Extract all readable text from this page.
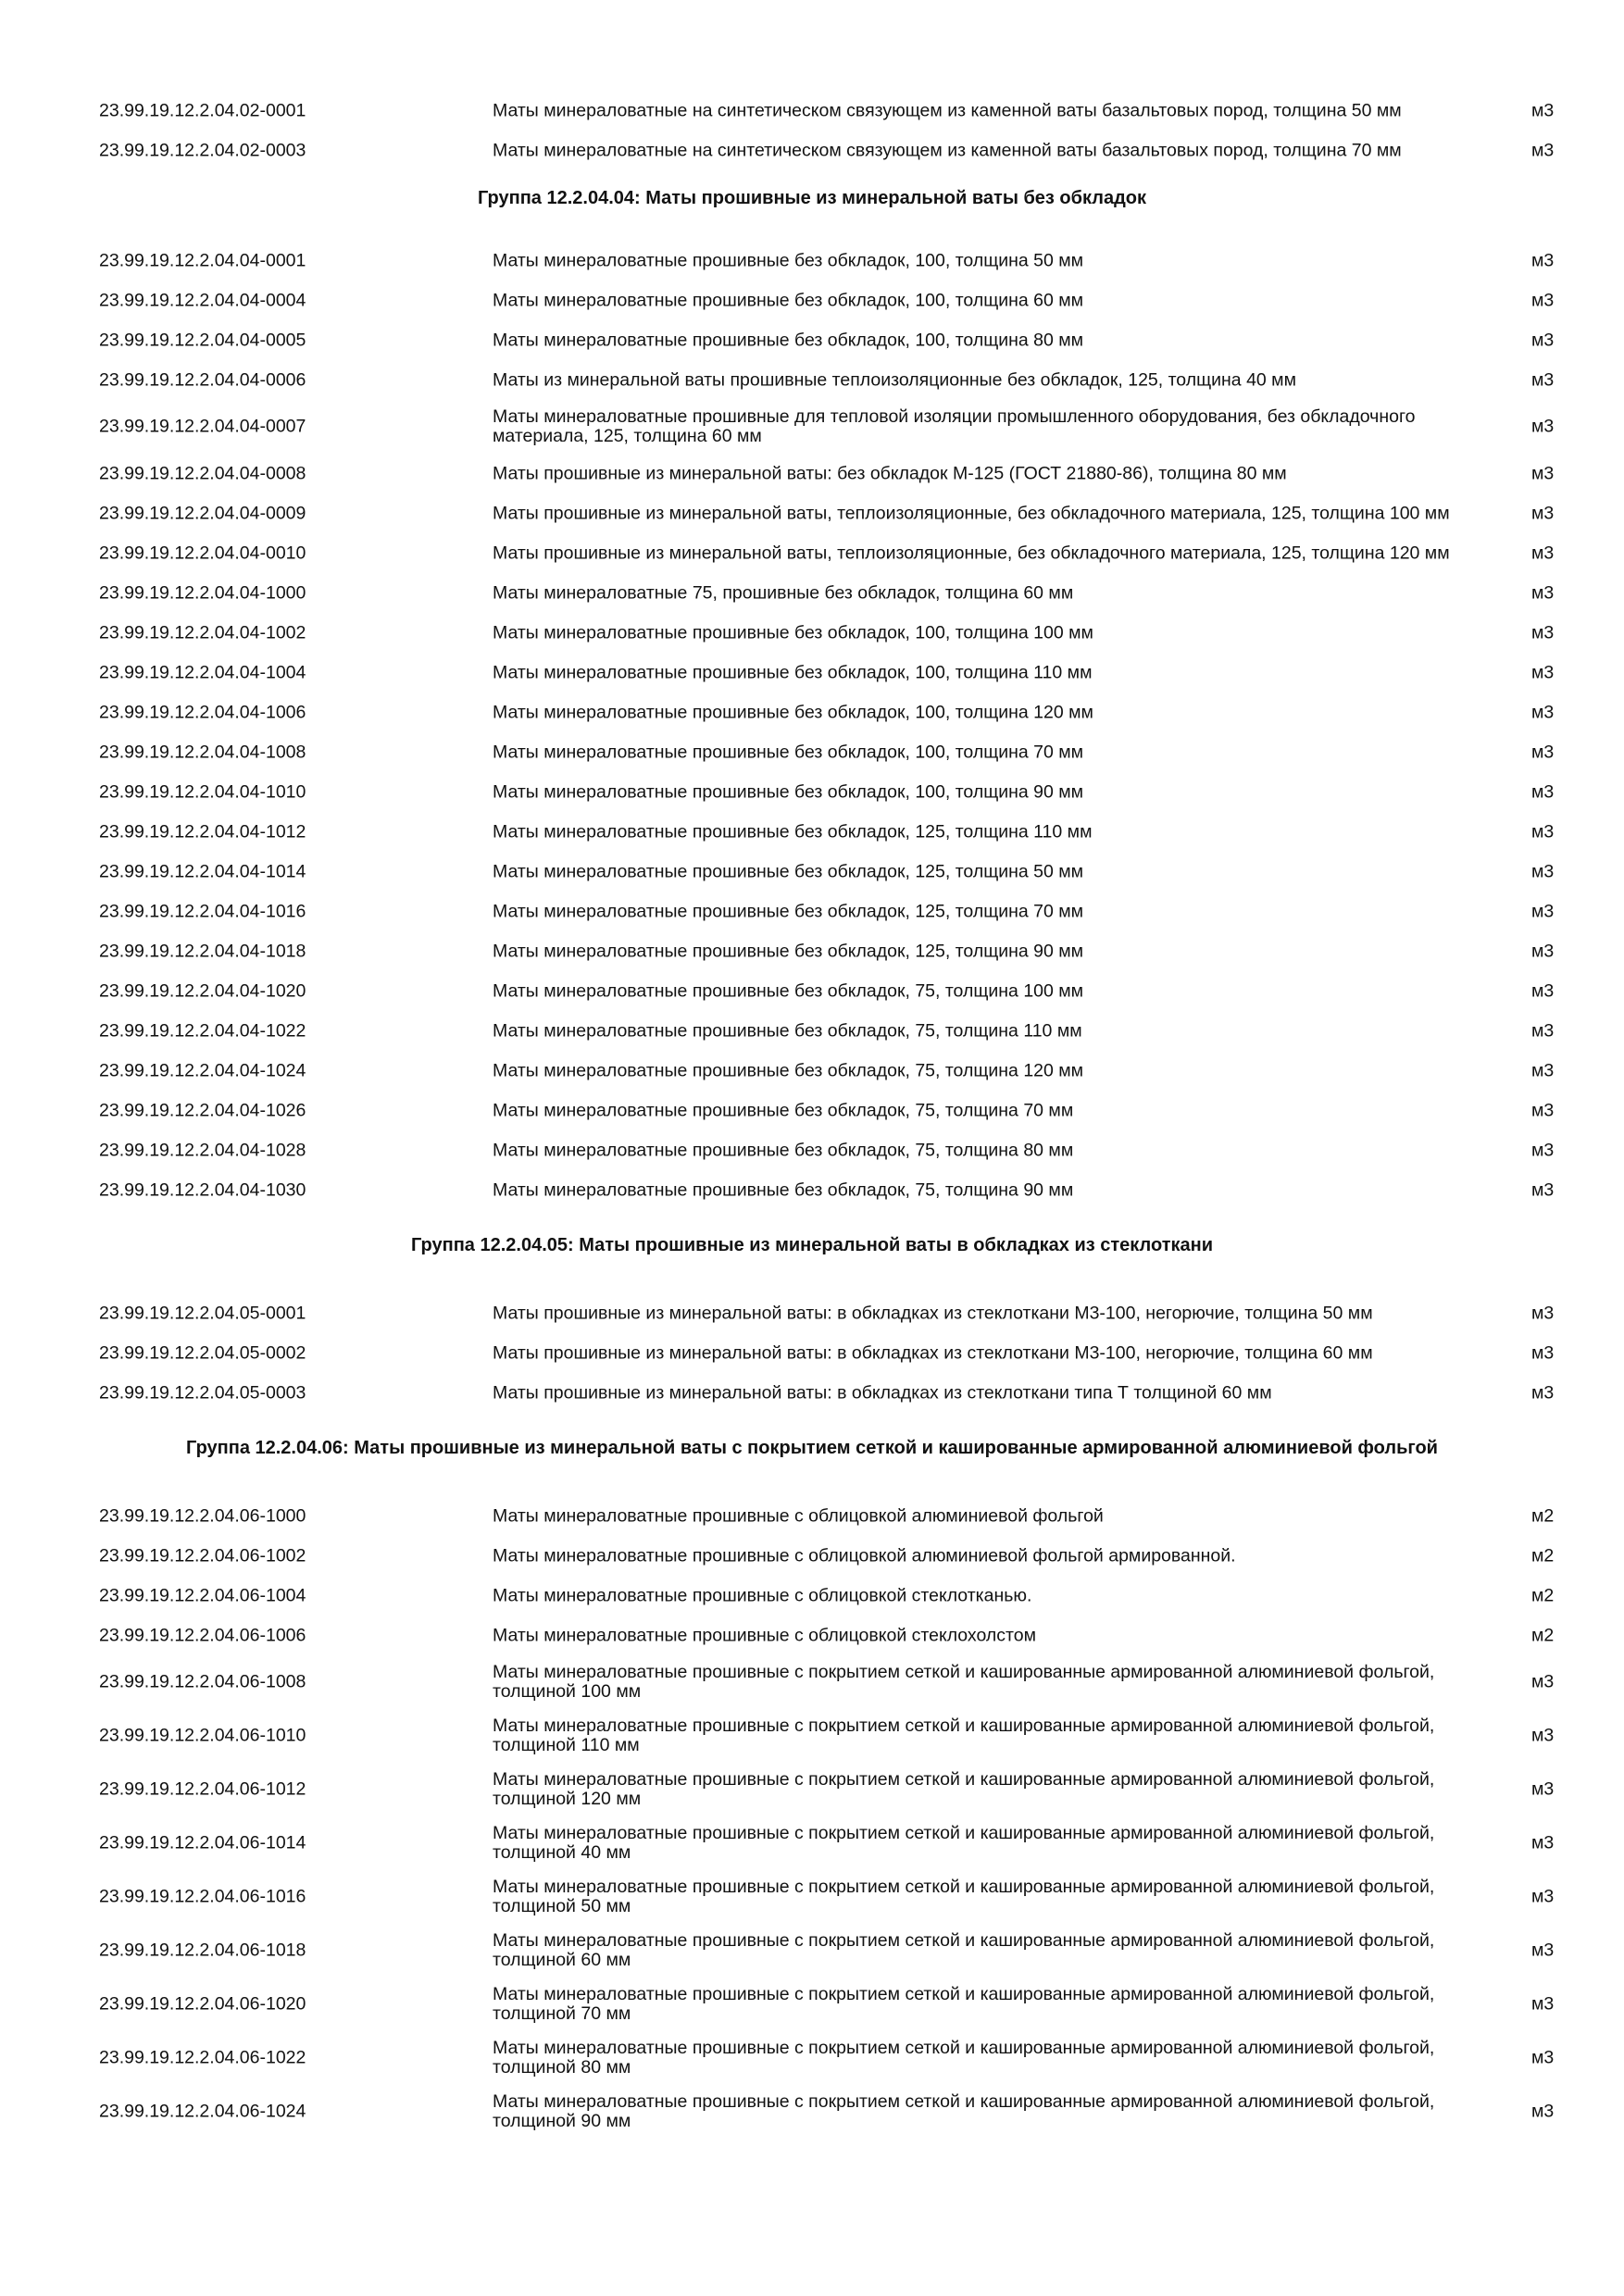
23.99.19.12.2.04.02-0001	Маты минераловатные на синтетическом связующем из каменной ваты базальтовых пород, толщина 50 мм	м3
23.99.19.12.2.04.02-0003	Маты минераловатные на синтетическом связующем из каменной ваты базальтовых пород, толщина 70 мм	м3
Группа 12.2.04.04: Маты прошивные из минеральной ваты без обкладок
23.99.19.12.2.04.04-0001	Маты минераловатные прошивные без обкладок, 100, толщина 50 мм	м3
23.99.19.12.2.04.04-0004	Маты минераловатные прошивные без обкладок, 100, толщина 60 мм	м3
23.99.19.12.2.04.04-0005	Маты минераловатные прошивные без обкладок, 100, толщина 80 мм	м3
23.99.19.12.2.04.04-0006	Маты из минеральной ваты прошивные теплоизоляционные без обкладок, 125, толщина 40 мм	м3
23.99.19.12.2.04.04-0007	Маты минераловатные прошивные для тепловой изоляции промышленного оборудования, без обкладочного материала, 125, толщина 60 мм	м3
23.99.19.12.2.04.04-0008	Маты прошивные из минеральной ваты: без обкладок М-125 (ГОСТ 21880-86), толщина 80 мм	м3
23.99.19.12.2.04.04-0009	Маты прошивные из минеральной ваты, теплоизоляционные, без обкладочного материала, 125, толщина 100 мм	м3
23.99.19.12.2.04.04-0010	Маты прошивные из минеральной ваты, теплоизоляционные, без обкладочного материала, 125, толщина 120 мм	м3
23.99.19.12.2.04.04-1000	Маты минераловатные 75, прошивные без обкладок, толщина 60 мм	м3
23.99.19.12.2.04.04-1002	Маты минераловатные прошивные без обкладок, 100, толщина 100 мм	м3
23.99.19.12.2.04.04-1004	Маты минераловатные прошивные без обкладок, 100, толщина 110 мм	м3
23.99.19.12.2.04.04-1006	Маты минераловатные прошивные без обкладок, 100, толщина 120 мм	м3
23.99.19.12.2.04.04-1008	Маты минераловатные прошивные без обкладок, 100, толщина 70 мм	м3
23.99.19.12.2.04.04-1010	Маты минераловатные прошивные без обкладок, 100, толщина 90 мм	м3
23.99.19.12.2.04.04-1012	Маты минераловатные прошивные без обкладок, 125, толщина 110 мм	м3
23.99.19.12.2.04.04-1014	Маты минераловатные прошивные без обкладок, 125, толщина 50 мм	м3
23.99.19.12.2.04.04-1016	Маты минераловатные прошивные без обкладок, 125, толщина 70 мм	м3
23.99.19.12.2.04.04-1018	Маты минераловатные прошивные без обкладок, 125, толщина 90 мм	м3
23.99.19.12.2.04.04-1020	Маты минераловатные прошивные без обкладок, 75, толщина 100 мм	м3
23.99.19.12.2.04.04-1022	Маты минераловатные прошивные без обкладок, 75, толщина 110 мм	м3
23.99.19.12.2.04.04-1024	Маты минераловатные прошивные без обкладок, 75, толщина 120 мм	м3
23.99.19.12.2.04.04-1026	Маты минераловатные прошивные без обкладок, 75, толщина 70 мм	м3
23.99.19.12.2.04.04-1028	Маты минераловатные прошивные без обкладок, 75, толщина 80 мм	м3
23.99.19.12.2.04.04-1030	Маты минераловатные прошивные без обкладок, 75, толщина 90 мм	м3
Группа 12.2.04.05: Маты прошивные из минеральной ваты в обкладках из стеклоткани
23.99.19.12.2.04.05-0001	Маты прошивные из минеральной ваты: в обкладках из стеклоткани М3-100, негорючие, толщина 50 мм	м3
23.99.19.12.2.04.05-0002	Маты прошивные из минеральной ваты: в обкладках из стеклоткани М3-100, негорючие, толщина 60 мм	м3
23.99.19.12.2.04.05-0003	Маты прошивные из минеральной ваты: в обкладках из стеклоткани типа Т толщиной 60 мм	м3
Группа 12.2.04.06: Маты прошивные из минеральной ваты с покрытием сеткой и кашированные армированной алюминиевой фольгой
23.99.19.12.2.04.06-1000	Маты минераловатные прошивные с облицовкой алюминиевой фольгой	м2
23.99.19.12.2.04.06-1002	Маты минераловатные прошивные с облицовкой алюминиевой фольгой армированной.	м2
23.99.19.12.2.04.06-1004	Маты минераловатные прошивные с облицовкой стеклотканью.	м2
23.99.19.12.2.04.06-1006	Маты минераловатные прошивные с облицовкой стеклохолстом	м2
23.99.19.12.2.04.06-1008	Маты минераловатные прошивные с покрытием сеткой и кашированные армированной алюминиевой фольгой, толщиной 100 мм	м3
23.99.19.12.2.04.06-1010	Маты минераловатные прошивные с покрытием сеткой и кашированные армированной алюминиевой фольгой, толщиной 110 мм	м3
23.99.19.12.2.04.06-1012	Маты минераловатные прошивные с покрытием сеткой и кашированные армированной алюминиевой фольгой, толщиной 120 мм	м3
23.99.19.12.2.04.06-1014	Маты минераловатные прошивные с покрытием сеткой и кашированные армированной алюминиевой фольгой, толщиной 40 мм	м3
23.99.19.12.2.04.06-1016	Маты минераловатные прошивные с покрытием сеткой и кашированные армированной алюминиевой фольгой, толщиной 50 мм	м3
23.99.19.12.2.04.06-1018	Маты минераловатные прошивные с покрытием сеткой и кашированные армированной алюминиевой фольгой, толщиной 60 мм	м3
23.99.19.12.2.04.06-1020	Маты минераловатные прошивные с покрытием сеткой и кашированные армированной алюминиевой фольгой, толщиной 70 мм	м3
23.99.19.12.2.04.06-1022	Маты минераловатные прошивные с покрытием сеткой и кашированные армированной алюминиевой фольгой, толщиной 80 мм	м3
23.99.19.12.2.04.06-1024	Маты минераловатные прошивные с покрытием сеткой и кашированные армированной алюминиевой фольгой, толщиной 90 мм	м3
